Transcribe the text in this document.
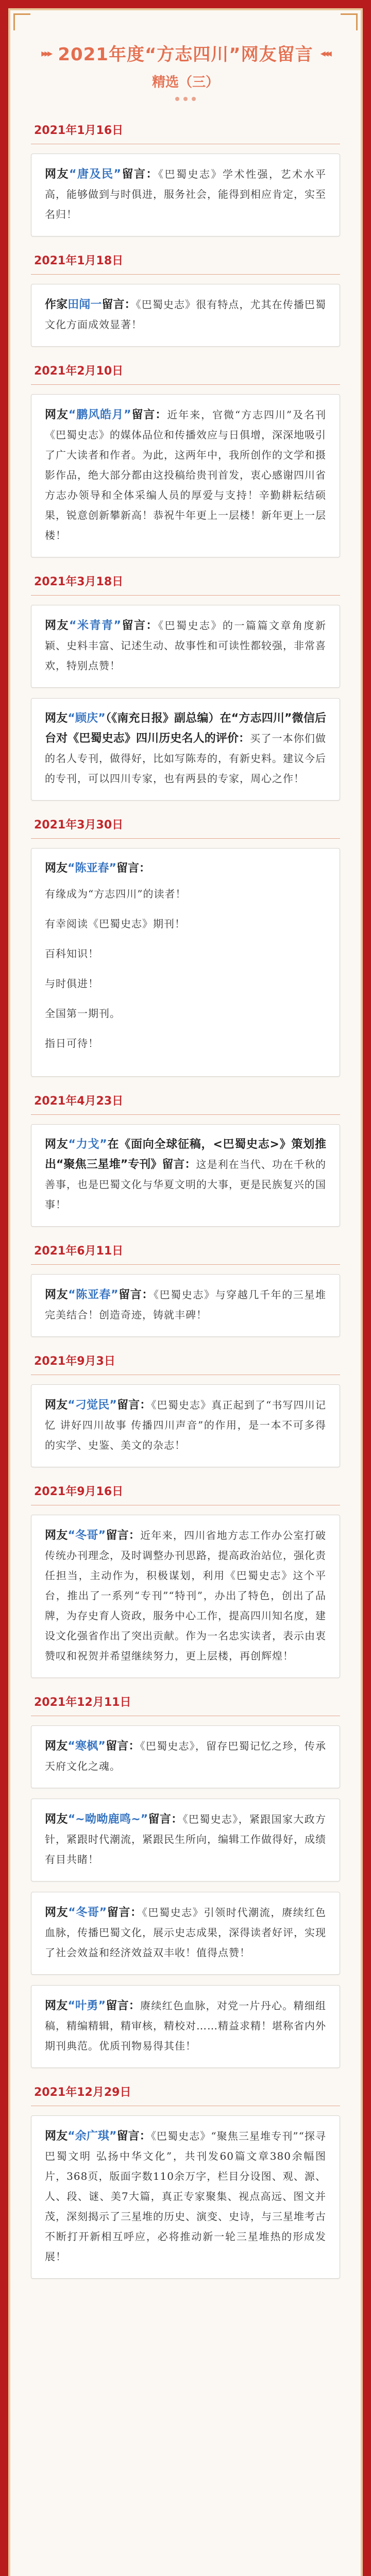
▸▸▸ 2021年度“方志四川”网友留言 ◂◂◂
精选（三）
2021年1月16日
网友“唐及民”留言：《巴蜀史志》学术性强，艺术水平高，能够做到与时俱进，服务社会，能得到相应肯定，实至名归！
2021年1月18日
作家田闻一留言：《巴蜀史志》很有特点，尤其在传播巴蜀文化方面成效显著！
2021年2月10日
网友“鹏风皓月”留言：近年来，官微“方志四川”及名刊《巴蜀史志》的媒体品位和传播效应与日俱增，深深地吸引了广大读者和作者。为此，这两年中，我所创作的文学和摄影作品，绝大部分都由这投稿给贵刊首发，衷心感谢四川省方志办领导和全体采编人员的厚爱与支持！辛勤耕耘结硕果，锐意创新攀新高！恭祝牛年更上一层楼！新年更上一层楼！
2021年3月18日
网友“米青青”留言：《巴蜀史志》的一篇篇文章角度新颖、史料丰富、记述生动、故事性和可读性都较强，非常喜欢，特别点赞！
网友“顾庆”（《南充日报》副总编）在“方志四川”微信后台对《巴蜀史志》四川历史名人的评价：买了一本你们做的名人专刊，做得好，比如写陈寿的，有新史料。建议今后的专刊，可以四川专家，也有两县的专家，周心之作！
2021年3月30日
网友“陈亚春”留言：

有缘成为“方志四川”的读者！

有幸阅读《巴蜀史志》期刊！

百科知识！

与时俱进！

全国第一期刊。

指日可待！

2021年4月23日
网友“力戈”在《面向全球征稿，<巴蜀史志>》策划推出“聚焦三星堆”专刊》留言：这是利在当代、功在千秋的善事，也是巴蜀文化与华夏文明的大事，更是民族复兴的国事！
2021年6月11日
网友“陈亚春”留言：《巴蜀史志》与穿越几千年的三星堆完美结合！创造奇迹，铸就丰碑！
2021年9月3日
网友“刁觉民”留言：《巴蜀史志》真正起到了“书写四川记忆 讲好四川故事 传播四川声音”的作用，是一本不可多得的实学、史鉴、美文的杂志！
2021年9月16日
网友“冬哥”留言：近年来，四川省地方志工作办公室打破传统办刊理念，及时调整办刊思路，提高政治站位，强化责任担当，主动作为，积极谋划，利用《巴蜀史志》这个平台，推出了一系列“专刊”“特刊”，办出了特色，创出了品牌，为存史育人资政，服务中心工作，提高四川知名度，建设文化强省作出了突出贡献。作为一名忠实读者，表示由衷赞叹和祝贺并希望继续努力，更上层楼，再创辉煌！
2021年12月11日
网友“寒枫”留言：《巴蜀史志》，留存巴蜀记忆之珍，传承天府文化之魂。
网友“~呦呦鹿鸣~”留言：《巴蜀史志》，紧跟国家大政方针，紧跟时代潮流，紧跟民生所向，编辑工作做得好，成绩有目共睹！
网友“冬哥”留言：《巴蜀史志》引领时代潮流，赓续红色血脉，传播巴蜀文化，展示史志成果，深得读者好评，实现了社会效益和经济效益双丰收！值得点赞！
网友“叶勇”留言：赓续红色血脉，对党一片丹心。精细组稿，精编精辑，精审核，精校对……精益求精！堪称省内外期刊典范。优质刊物易得其佳！
2021年12月29日
网友“余广琪”留言：《巴蜀史志》“聚焦三星堆专刊”“探寻巴蜀文明 弘扬中华文化”，共刊发60篇文章380余幅图片，368页，版面字数110余万字，栏目分设图、观、源、人、段、谜、美7大篇，真正专家聚集、视点高远、图文并茂，深刻揭示了三星堆的历史、演变、史诗，与三星堆考古不断打开新相互呼应，必将推动新一轮三星堆热的形成发展！
